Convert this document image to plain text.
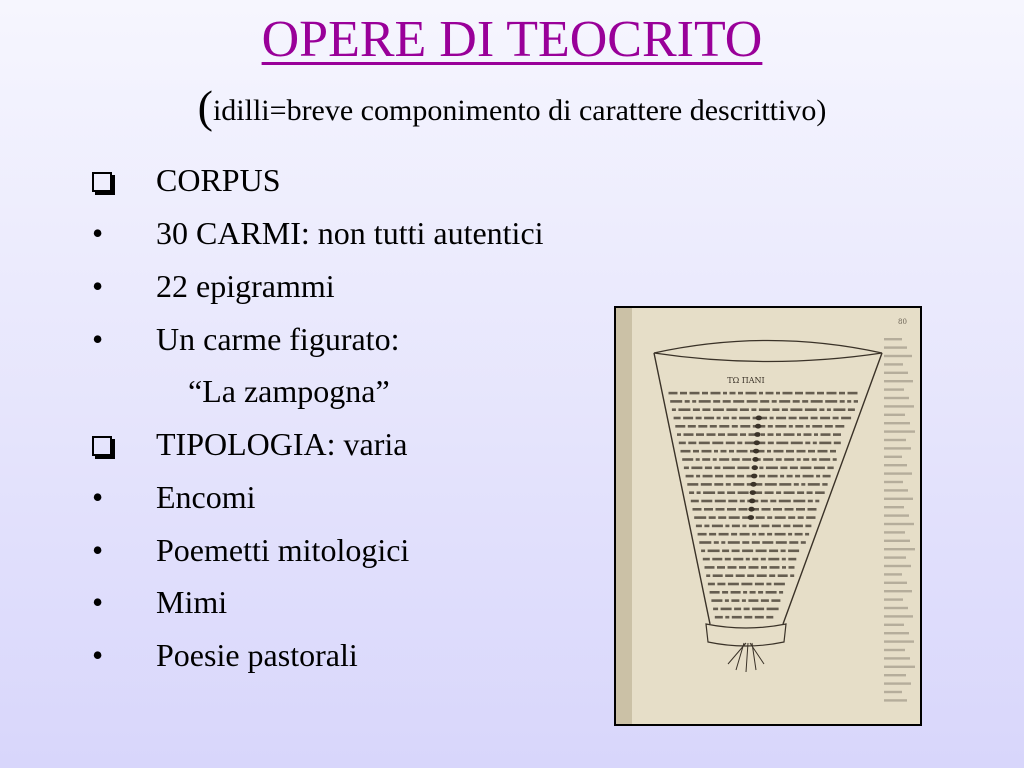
OPERE DI TEOCRITO
(idilli=breve componimento di carattere descrittivo)
CORPUS
•	30 CARMI: non tutti autentici
•	22 epigrammi
•	Un carme figurato:
“La zampogna”
TIPOLOGIA: varia
•	Encomi
•	Poemetti mitologici
•	Mimi
•	Poesie pastorali
80
ΤΩ ΠΑΝΙ
